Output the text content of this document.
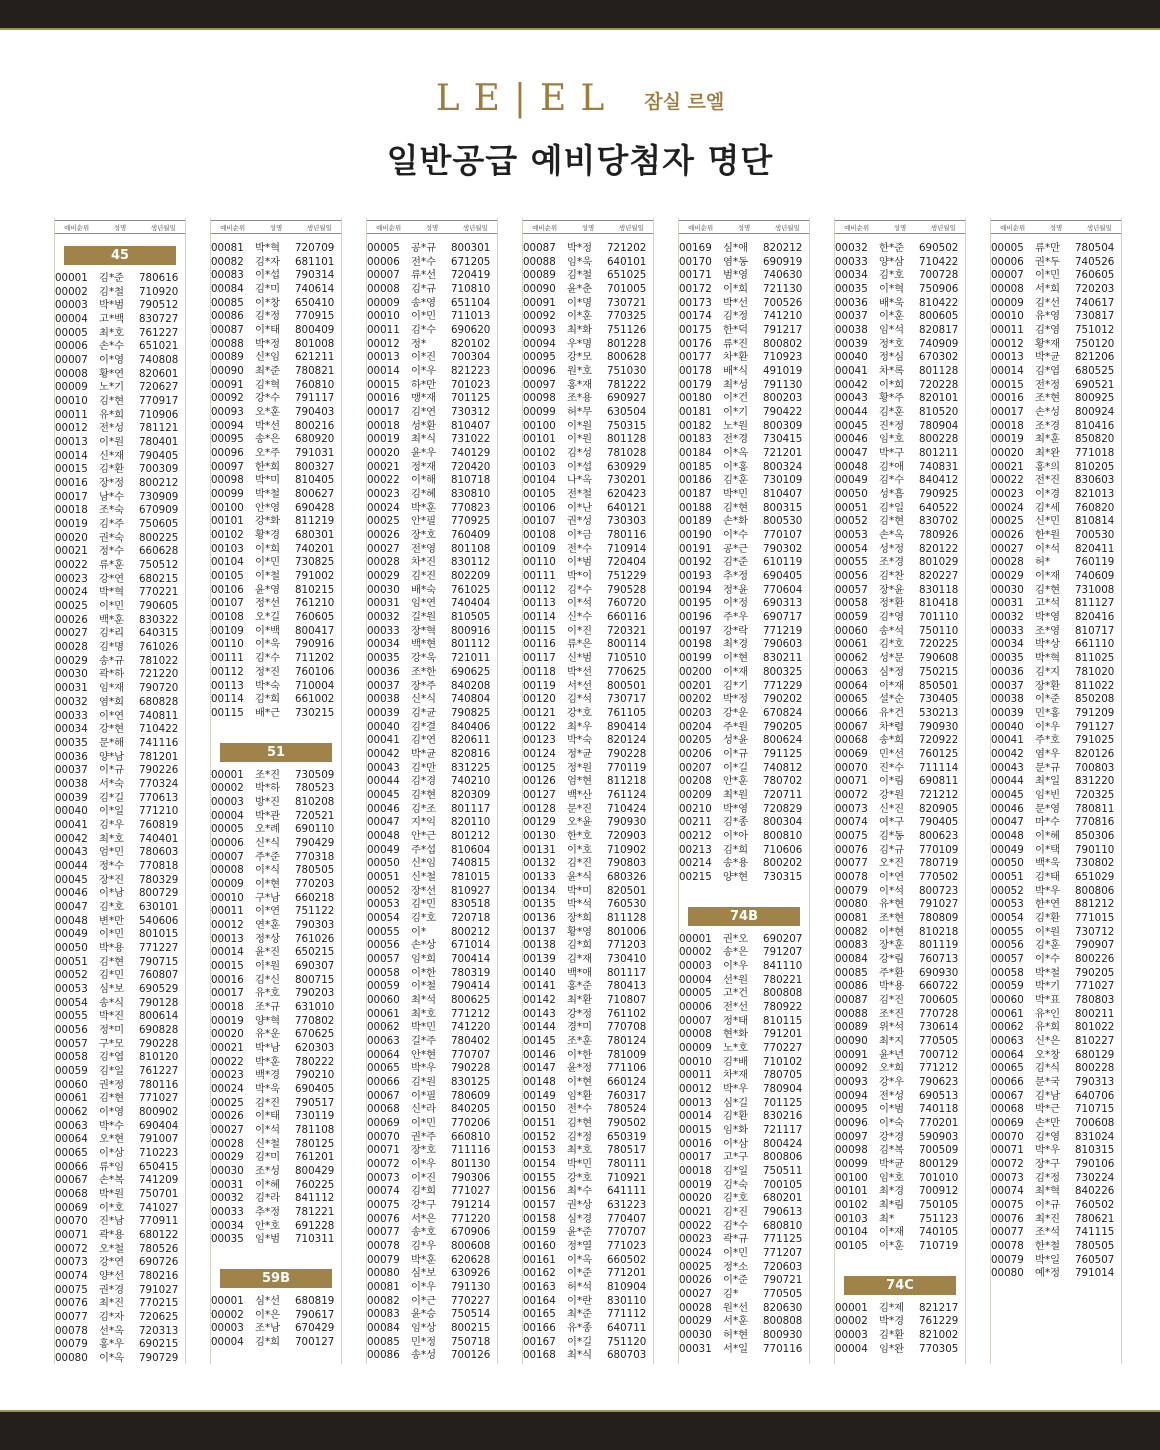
LE|EL 잠실 르엘
일반공급 예비당첨자 명단
예비순위	성명	생년월일
45
00001	김*준	780616
00002	김*철	710920
00003	박*범	790512
00004	고*백	830727
00005	최*호	761227
00006	손*수	651021
00007	이*영	740808
00008	황*연	820601
00009	노*기	720627
00010	김*현	770917
00011	유*희	710906
00012	전*성	781121
00013	이*원	780401
00014	신*재	790405
00015	김*환	700309
00016	장*정	800212
00017	남*수	730909
00018	조*숙	670909
00019	김*주	750605
00020	권*숙	800225
00021	정*수	660628
00022	류*훈	750512
00023	강*연	680215
00024	박*혁	770221
00025	이*민	790605
00026	백*훈	830322
00027	김*리	640315
00028	김*명	761026
00029	송*규	781022
00030	곽*하	721220
00031	임*재	790720
00032	염*희	680828
00033	이*연	740811
00034	강*현	710422
00035	문*해	741116
00036	양*남	781201
00037	이*규	790226
00038	서*숙	770324
00039	김*길	770613
00040	이*일	771210
00041	김*우	760819
00042	최*호	740401
00043	엄*민	780603
00044	정*수	770818
00045	장*진	780329
00046	이*남	800729
00047	김*호	630101
00048	변*만	540606
00049	이*민	801015
00050	박*용	771227
00051	김*현	790715
00052	김*민	760807
00053	심*보	690529
00054	송*식	790128
00055	박*진	800614
00056	정*미	690828
00057	구*모	790228
00058	김*엽	810120
00059	김*일	761227
00060	권*정	780116
00061	김*현	771027
00062	이*영	800902
00063	박*수	690404
00064	오*현	791007
00065	이*삼	710223
00066	류*임	650415
00067	손*복	741209
00068	박*원	750701
00069	이*호	741027
00070	진*남	770911
00071	곽*용	680122
00072	오*철	780526
00073	강*연	690726
00074	양*선	780216
00075	권*경	791027
00076	최*진	770215
00077	김*자	720625
00078	선*옥	720313
00079	홍*우	690215
00080	이*옥	790729
예비순위	성명	생년월일
00081	박*혁	720709
00082	김*자	681101
00083	이*섭	790314
00084	김*미	740614
00085	이*창	650410
00086	김*정	770915
00087	이*태	800409
00088	박*정	801008
00089	신*임	621211
00090	최*준	780821
00091	김*혁	760810
00092	강*수	791117
00093	오*훈	790403
00094	박*선	800216
00095	송*은	680920
00096	오*주	791031
00097	한*희	800327
00098	박*미	810405
00099	박*철	800627
00100	안*영	690428
00101	강*화	811219
00102	황*경	680301
00103	이*희	740201
00104	이*민	730825
00105	이*철	791002
00106	윤*영	810215
00107	정*선	761210
00108	오*길	760605
00109	이*백	800417
00110	이*욱	790916
00111	김*수	711202
00112	정*진	760106
00113	박*숙	710004
00114	김*희	661002
00115	배*근	730215
51
00001	조*진	730509
00002	박*하	780523
00003	방*진	810208
00004	박*관	720521
00005	오*례	690110
00006	신*식	790429
00007	주*준	770318
00008	이*식	780505
00009	이*현	770203
00010	구*남	660218
00011	이*연	751122
00012	연*훈	790303
00013	정*상	761026
00014	윤*진	650215
00015	이*원	690307
00016	김*신	800715
00017	유*호	790203
00018	조*규	631010
00019	양*혁	770802
00020	유*운	670625
00021	박*남	620303
00022	박*훈	780222
00023	백*경	790210
00024	박*욱	690405
00025	김*진	790517
00026	이*태	730119
00027	이*석	781108
00028	신*철	780125
00029	김*미	761201
00030	조*성	800429
00031	이*혜	760225
00032	김*라	841112
00033	추*정	781221
00034	안*호	691228
00035	임*범	710311
59B
00001	심*선	680819
00002	이*은	790617
00003	조*남	670429
00004	김*희	700127
예비순위	성명	생년월일
00005	공*규	800301
00006	전*수	671205
00007	류*선	720419
00008	김*규	710810
00009	송*영	651104
00010	이*민	711013
00011	김*수	690620
00012	정*	820102
00013	이*진	700304
00014	이*우	821223
00015	하*만	701023
00016	맹*재	701125
00017	김*연	730312
00018	성*환	810407
00019	최*식	731022
00020	윤*우	740129
00021	정*재	720420
00022	이*해	810718
00023	김*혜	830810
00024	박*훈	770823
00025	안*필	770925
00026	장*호	760409
00027	전*영	801108
00028	차*진	830112
00029	김*진	802209
00030	배*숙	761025
00031	임*연	740404
00032	길*원	810505
00033	장*혁	800916
00034	백*현	801112
00035	강*욱	721011
00036	조*한	690625
00037	장*주	840208
00038	신*식	740804
00039	김*균	790825
00040	김*결	840406
00041	김*연	820611
00042	박*균	820816
00043	김*만	831225
00044	김*경	740210
00045	김*현	820309
00046	김*조	801117
00047	지*익	820110
00048	안*근	801212
00049	주*섭	810604
00050	신*임	740815
00051	신*철	781015
00052	장*선	810927
00053	김*민	830518
00054	김*호	720718
00055	이*	800212
00056	손*상	671014
00057	임*희	700414
00058	이*한	780319
00059	이*철	790414
00060	최*석	800625
00061	최*호	771212
00062	박*민	741220
00063	길*주	780402
00064	안*현	770707
00065	박*우	790228
00066	김*원	830125
00067	이*필	780609
00068	신*라	840205
00069	이*민	770206
00070	권*주	660810
00071	장*호	711116
00072	이*우	801130
00073	이*진	790306
00074	김*희	771027
00075	강*구	791214
00076	서*은	771220
00077	송*호	670906
00078	김*우	800608
00079	박*훈	620628
00080	심*보	630926
00081	이*우	791130
00082	이*근	770227
00083	윤*승	750514
00084	임*상	800215
00085	민*정	750718
00086	송*성	700126
예비순위	성명	생년월일
00087	박*정	721202
00088	임*욱	640101
00089	김*철	651025
00090	윤*춘	701005
00091	이*명	730721
00092	이*훈	770325
00093	최*화	751126
00094	우*명	801228
00095	강*모	800628
00096	원*호	751030
00097	홍*재	781222
00098	조*용	690927
00099	허*무	630504
00100	이*원	750315
00101	이*원	801128
00102	김*성	781028
00103	이*섭	630929
00104	나*옥	730201
00105	전*철	620423
00106	이*난	640121
00107	권*성	730303
00108	이*금	780116
00109	전*수	710914
00110	이*범	720404
00111	박*이	751229
00112	김*수	790528
00113	이*석	760720
00114	신*수	660116
00115	이*진	720321
00116	류*은	800114
00117	신*범	710510
00118	박*선	770625
00119	서*선	800501
00120	김*석	730717
00121	강*호	761105
00122	최*우	890414
00123	박*숙	820124
00124	정*균	790228
00125	정*원	770119
00126	엄*현	811218
00127	백*산	761124
00128	문*진	710424
00129	오*윤	790930
00130	한*호	720903
00131	이*호	710902
00132	김*진	790803
00133	윤*식	680326
00134	박*미	820501
00135	박*석	760530
00136	장*희	811128
00137	황*영	801006
00138	김*희	771203
00139	김*재	730410
00140	백*애	801117
00141	홍*준	780413
00142	최*환	710807
00143	강*정	761102
00144	경*미	770708
00145	조*훈	780124
00146	이*한	781009
00147	윤*정	771106
00148	이*현	660124
00149	임*환	760317
00150	전*수	780524
00151	김*현	790502
00152	김*정	650319
00153	최*호	780517
00154	박*민	780111
00155	강*호	710921
00156	최*수	641111
00157	권*상	631223
00158	심*경	770407
00159	윤*준	770707
00160	정*열	771023
00161	이*옥	660502
00162	이*준	771201
00163	허*석	810904
00164	이*란	830110
00165	최*준	771112
00166	유*종	640711
00167	이*길	751120
00168	최*식	680703
예비순위	성명	생년월일
00169	심*애	820212
00170	염*동	690919
00171	범*영	740630
00172	이*희	721130
00173	박*선	700526
00174	김*정	741210
00175	한*덕	791217
00176	류*진	800802
00177	차*환	710923
00178	배*식	491019
00179	최*성	791130
00180	이*건	800203
00181	이*기	790422
00182	노*원	800309
00183	전*경	730415
00184	이*옥	721201
00185	이*홍	800324
00186	김*훈	730109
00187	박*민	810407
00188	김*현	800315
00189	손*화	800530
00190	이*수	770107
00191	공*근	790302
00192	김*준	610119
00193	추*정	690405
00194	정*윤	770604
00195	이*정	690313
00196	주*우	690717
00197	강*락	771219
00198	최*경	790603
00199	이*현	830211
00200	이*재	800325
00201	김*기	771229
00202	박*정	790202
00203	강*운	670824
00204	주*원	790205
00205	성*윤	800624
00206	이*규	791125
00207	이*길	740812
00208	안*훈	780702
00209	최*원	720711
00210	박*영	720829
00211	김*종	800304
00212	이*아	800810
00213	김*희	710606
00214	송*용	800202
00215	양*현	730315
74B
00001	권*오	690207
00002	송*은	791207
00003	이*우	841110
00004	선*원	780221
00005	고*건	800808
00006	전*선	780922
00007	정*태	810115
00008	현*화	791201
00009	노*호	770227
00010	김*배	710102
00011	차*재	780705
00012	박*우	780904
00013	심*길	701125
00014	김*환	830216
00015	임*화	721117
00016	이*삼	800424
00017	고*구	800806
00018	김*일	750511
00019	김*숙	700105
00020	김*호	680201
00021	김*진	790613
00022	김*수	680810
00023	곽*규	771125
00024	이*민	771207
00025	정*소	720603
00026	이*준	790721
00027	김*	770505
00028	원*선	820630
00029	서*훈	800808
00030	허*현	800930
00031	서*일	770116
예비순위	성명	생년월일
00032	한*준	690502
00033	양*삼	710422
00034	김*호	700728
00035	이*혁	750906
00036	배*욱	810422
00037	이*훈	800605
00038	임*석	820817
00039	정*호	740909
00040	정*심	670302
00041	차*록	801128
00042	이*희	720228
00043	황*주	820101
00044	김*훈	810520
00045	진*정	780904
00046	임*호	800228
00047	박*구	801211
00048	김*애	740831
00049	김*수	840412
00050	성*흠	790925
00051	김*일	640522
00052	김*현	830702
00053	손*옥	780926
00054	성*정	820122
00055	조*경	801029
00056	김*찬	820227
00057	장*윤	830118
00058	정*환	810418
00059	김*영	701110
00060	송*석	750110
00061	김*호	720225
00062	성*문	790608
00063	심*정	750215
00064	이*재	850501
00065	설*순	730405
00066	유*건	530213
00067	차*렵	790930
00068	송*희	720922
00069	민*선	760125
00070	진*수	711114
00071	이*림	690811
00072	강*원	721212
00073	신*진	820905
00074	여*구	790405
00075	김*동	800623
00076	김*규	770109
00077	오*진	780719
00078	이*연	770502
00079	이*석	800723
00080	유*현	791027
00081	조*현	780809
00082	이*현	810218
00083	장*훈	801119
00084	강*림	760713
00085	주*환	690930
00086	박*용	660722
00087	김*진	700605
00088	조*진	770728
00089	위*석	730614
00090	최*지	770505
00091	윤*년	700712
00092	오*희	771212
00093	강*우	790623
00094	전*성	690513
00095	이*범	740118
00096	이*숙	770201
00097	강*경	590903
00098	김*복	700509
00099	박*균	800129
00100	임*호	701010
00101	최*경	700912
00102	최*림	750105
00103	최*	751123
00104	이*재	740105
00105	이*훈	710719
74C
00001	김*제	821217
00002	박*경	761229
00003	김*환	821002
00004	임*완	770305
예비순위	성명	생년월일
00005	류*만	780504
00006	권*두	740526
00007	이*민	760605
00008	서*희	720203
00009	김*선	740617
00010	유*영	730817
00011	김*영	751012
00012	황*재	750120
00013	박*균	821206
00014	김*엽	680525
00015	전*정	690521
00016	조*현	800925
00017	손*성	800924
00018	조*경	810416
00019	최*훈	850820
00020	최*완	771018
00021	홍*의	810205
00022	전*진	830603
00023	이*경	821013
00024	김*세	760820
00025	신*민	810814
00026	한*원	700530
00027	이*석	820411
00028	허*	760119
00029	이*재	740609
00030	김*현	731008
00031	고*석	811127
00032	박*영	820416
00033	조*영	810717
00034	박*상	661110
00035	박*혁	811025
00036	김*지	781020
00037	장*환	811022
00038	이*준	850208
00039	민*홍	791209
00040	이*우	791127
00041	주*호	791025
00042	염*우	820126
00043	문*규	700803
00044	최*일	831220
00045	임*빈	720325
00046	문*영	780811
00047	마*수	770816
00048	이*혜	850306
00049	이*택	790110
00050	백*욱	730802
00051	김*태	651029
00052	박*우	800806
00053	한*연	881212
00054	김*환	771015
00055	이*원	730712
00056	김*훈	790907
00057	이*수	800226
00058	박*철	790205
00059	박*기	771027
00060	박*표	780803
00061	유*인	800211
00062	유*희	801022
00063	신*은	810227
00064	오*창	680129
00065	김*식	800228
00066	문*국	790313
00067	김*남	640706
00068	박*근	710715
00069	손*만	700608
00070	김*영	831024
00071	박*우	810315
00072	장*구	790106
00073	김*정	730224
00074	최*혁	840226
00075	이*규	760502
00076	최*진	780621
00077	조*석	741115
00078	한*철	780505
00079	박*일	760507
00080	예*정	791014
